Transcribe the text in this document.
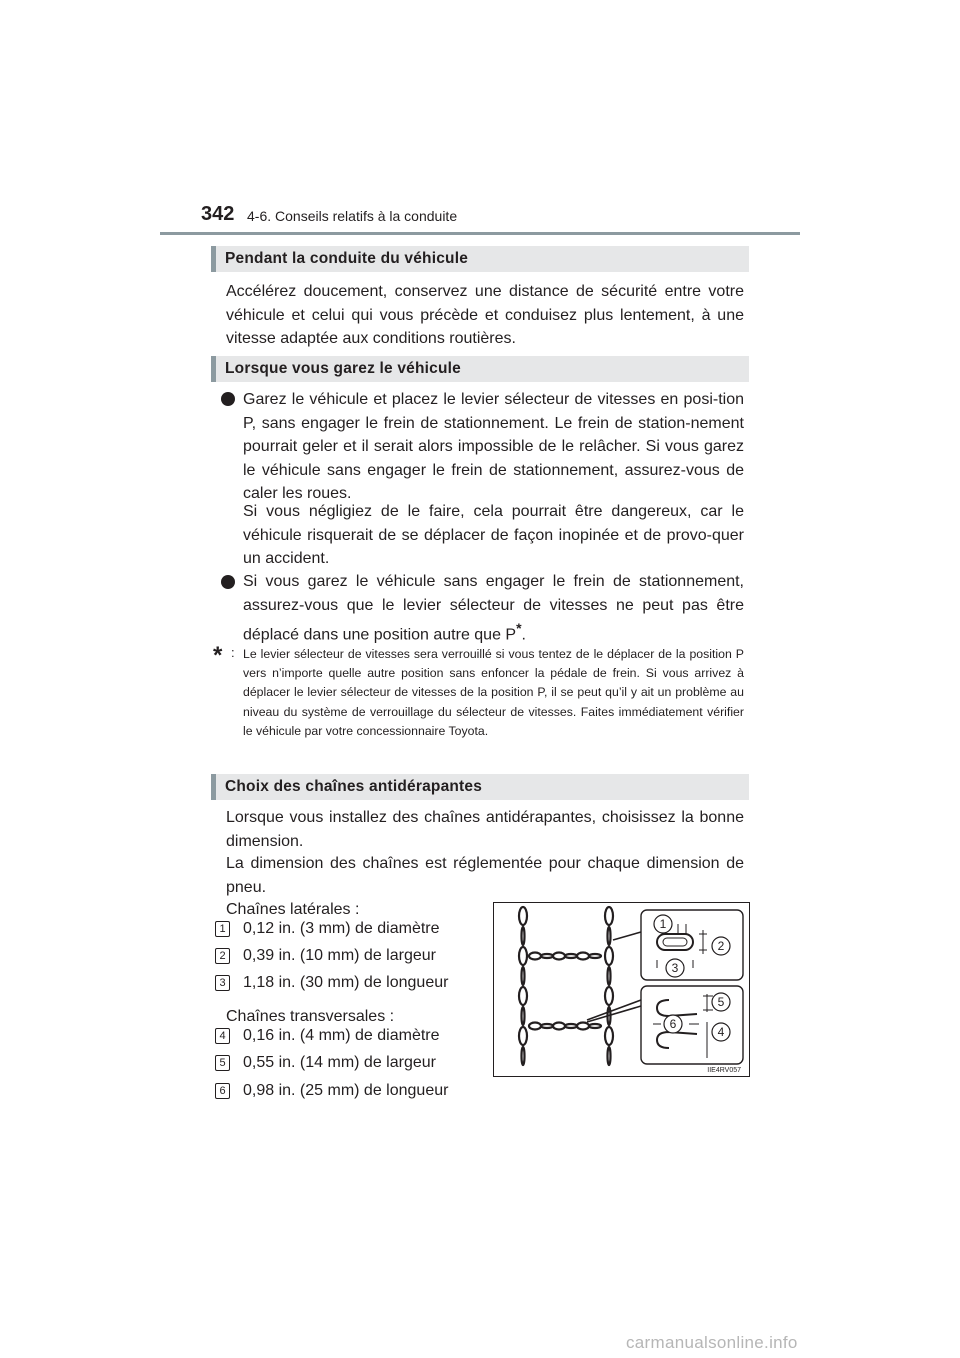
342 4-6. Conseils relatifs à la conduite
Pendant la conduite du véhicule

Accélérez doucement, conservez une distance de sécurité entre votre véhicule et celui qui vous précède et conduisez plus lentement, à une vitesse adaptée aux conditions routières.

Lorsque vous garez le véhicule

Garez le véhicule et placez le levier sélecteur de vitesses en posi-tion P, sans engager le frein de stationnement. Le frein de station-nement pourrait geler et il serait alors impossible de le relâcher. Si vous garez le véhicule sans engager le frein de stationnement, assurez-vous de caler les roues.

Si vous négligiez de le faire, cela pourrait être dangereux, car le véhicule risquerait de se déplacer de façon inopinée et de provo-quer un accident.

Si vous garez le véhicule sans engager le frein de stationnement, assurez-vous que le levier sélecteur de vitesses ne peut pas être déplacé dans une position autre que P*.

* : Le levier sélecteur de vitesses sera verrouillé si vous tentez de le déplacer de la position P vers n’importe quelle autre position sans enfoncer la pédale de frein. Si vous arrivez à déplacer le levier sélecteur de vitesses de la position P, il se peut qu’il y ait un problème au niveau du système de verrouillage du sélecteur de vitesses. Faites immédiatement vérifier le véhicule par votre concessionnaire Toyota.

Choix des chaînes antidérapantes

Lorsque vous installez des chaînes antidérapantes, choisissez la bonne dimension.

La dimension des chaînes est réglementée pour chaque dimension de pneu.

Chaînes latérales :
1 0,12 in. (3 mm) de diamètre
2 0,39 in. (10 mm) de largeur
3 1,18 in. (30 mm) de longueur
Chaînes transversales :
4 0,16 in. (4 mm) de diamètre
5 0,55 in. (14 mm) de largeur
6 0,98 in. (25 mm) de longueur
1
2
3
4
5
6
IIE4RV057
carmanualsonline.info
